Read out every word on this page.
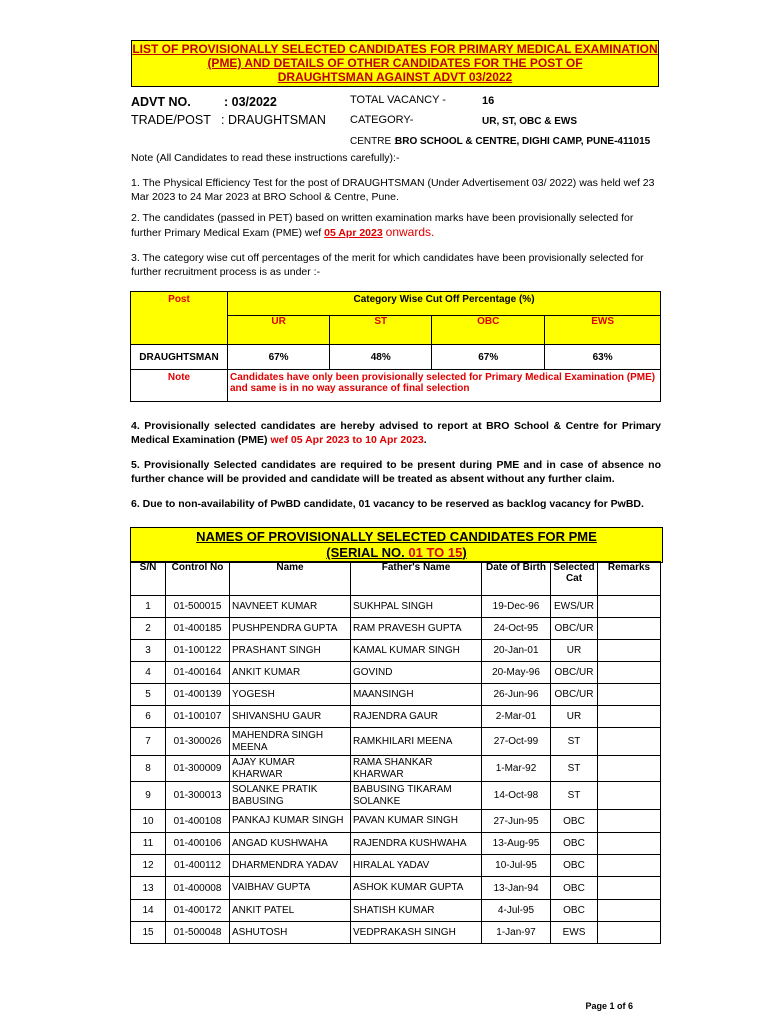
LIST OF PROVISIONALLY SELECTED CANDIDATES FOR PRIMARY MEDICAL EXAMINATION
(PME) AND DETAILS OF OTHER CANDIDATES FOR THE POST OF
DRAUGHTSMAN AGAINST ADVT 03/2022
ADVT NO.	: 03/2022
TRADE/POST : DRAUGHTSMAN
TOTAL VACANCY -	16
CATEGORY-	UR, ST, OBC & EWS
CENTRE :
BRO SCHOOL & CENTRE, DIGHI CAMP, PUNE-411015
Note (All Candidates to read these instructions carefully):-
1. The Physical Efficiency Test for the post of DRAUGHTSMAN (Under Advertisement 03/ 2022) was held wef 23 Mar 2023 to 24 Mar 2023 at BRO School & Centre, Pune.
2. The candidates (passed in PET) based on written examination marks have been provisionally selected for further Primary Medical Exam (PME) wef 05 Apr 2023 onwards.
3. The category wise cut off percentages of the merit for which candidates have been provisionally selected for further recruitment process is as under :-
Post	Category Wise Cut Off Percentage (%)			
	UR	ST	OBC	EWS
DRAUGHTSMAN	67%	48%	67%	63%
Note	Candidates have only been provisionally selected for Primary Medical Examination (PME) and same is in no way assurance of final selection			
4. Provisionally selected candidates are hereby advised to report at BRO School & Centre for Primary Medical Examination (PME) wef 05 Apr 2023 to 10 Apr 2023.
5. Provisionally Selected candidates are required to be present during PME and in case of absence no further chance will be provided and candidate will be treated as absent without any further claim.
6. Due to non-availability of PwBD candidate, 01 vacancy to be reserved as backlog vacancy for PwBD.
NAMES OF PROVISIONALLY SELECTED CANDIDATES FOR PME
(SERIAL NO. 01 TO 15)
S/N	Control No	Name	Father's Name	Date of Birth	Selected Cat	Remarks
1	01-500015	NAVNEET KUMAR	SUKHPAL SINGH	19-Dec-96	EWS/UR	
2	01-400185	PUSHPENDRA GUPTA	RAM PRAVESH GUPTA	24-Oct-95	OBC/UR	
3	01-100122	PRASHANT SINGH	KAMAL KUMAR SINGH	20-Jan-01	UR	
4	01-400164	ANKIT KUMAR	GOVIND	20-May-96	OBC/UR	
5	01-400139	YOGESH	MAANSINGH	26-Jun-96	OBC/UR	
6	01-100107	SHIVANSHU GAUR	RAJENDRA GAUR	2-Mar-01	UR	
7	01-300026	MAHENDRA SINGH MEENA	RAMKHILARI MEENA	27-Oct-99	ST	
8	01-300009	AJAY KUMAR KHARWAR	RAMA SHANKAR KHARWAR	1-Mar-92	ST	
9	01-300013	SOLANKE PRATIK BABUSING	BABUSING TIKARAM SOLANKE	14-Oct-98	ST	
10	01-400108	PANKAJ KUMAR SINGH	PAVAN KUMAR SINGH	27-Jun-95	OBC	
11	01-400106	ANGAD KUSHWAHA	RAJENDRA KUSHWAHA	13-Aug-95	OBC	
12	01-400112	DHARMENDRA YADAV	HIRALAL YADAV	10-Jul-95	OBC	
13	01-400008	VAIBHAV GUPTA	ASHOK KUMAR GUPTA	13-Jan-94	OBC	
14	01-400172	ANKIT PATEL	SHATISH KUMAR	4-Jul-95	OBC	
15	01-500048	ASHUTOSH	VEDPRAKASH SINGH	1-Jan-97	EWS	
Page 1 of 6
